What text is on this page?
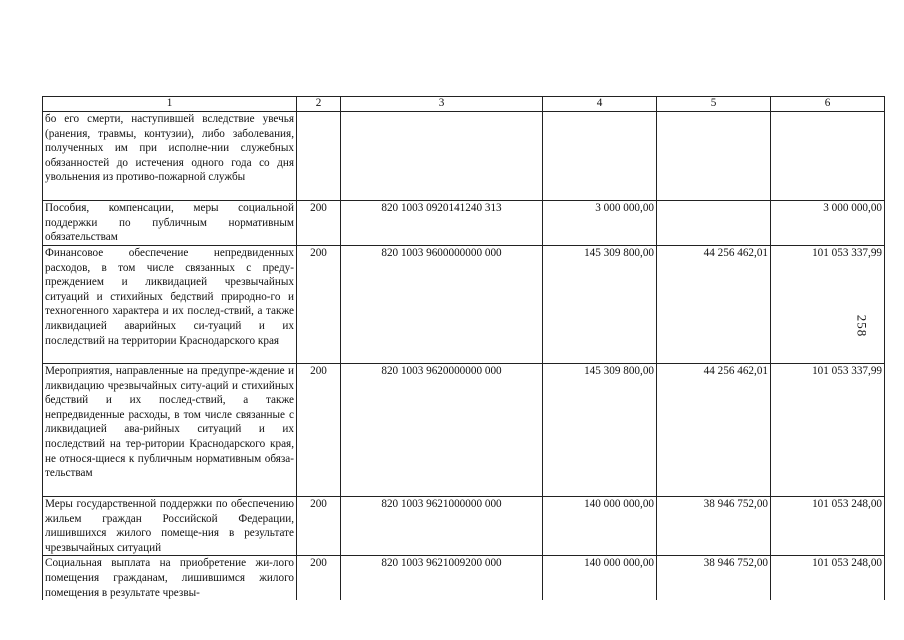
1	2	3	4	5	6
бо его смерти, наступившей вследствие увечья (ранения, травмы, контузии), либо заболевания, полученных им при исполне-нии служебных обязанностей до истечения одного года со дня увольнения из противо-пожарной службы					
Пособия, компенсации, меры социальной поддержки по публичным нормативным обязательствам	200	820 1003 0920141240 313	3 000 000,00		3 000 000,00
Финансовое обеспечение непредвиденных расходов, в том числе связанных с преду-преждением и ликвидацией чрезвычайных ситуаций и стихийных бедствий природно-го и техногенного характера и их послед-ствий, а также ликвидацией аварийных си-туаций и их последствий на территории Краснодарского края	200	820 1003 9600000000 000	145 309 800,00	44 256 462,01	101 053 337,99
Мероприятия, направленные на предупре-ждение и ликвидацию чрезвычайных ситу-аций и стихийных бедствий и их послед-ствий, а также непредвиденные расходы, в том числе связанные с ликвидацией ава-рийных ситуаций и их последствий на тер-ритории Краснодарского края, не относя-щиеся к публичным нормативным обяза-тельствам	200	820 1003 9620000000 000	145 309 800,00	44 256 462,01	101 053 337,99
Меры государственной поддержки по обеспечению жильем граждан Российской Федерации, лишившихся жилого помеще-ния в результате чрезвычайных ситуаций	200	820 1003 9621000000 000	140 000 000,00	38 946 752,00	101 053 248,00
Социальная выплата на приобретение жи-лого помещения гражданам, лишившимся жилого помещения в результате чрезвы-	200	820 1003 9621009200 000	140 000 000,00	38 946 752,00	101 053 248,00
258
